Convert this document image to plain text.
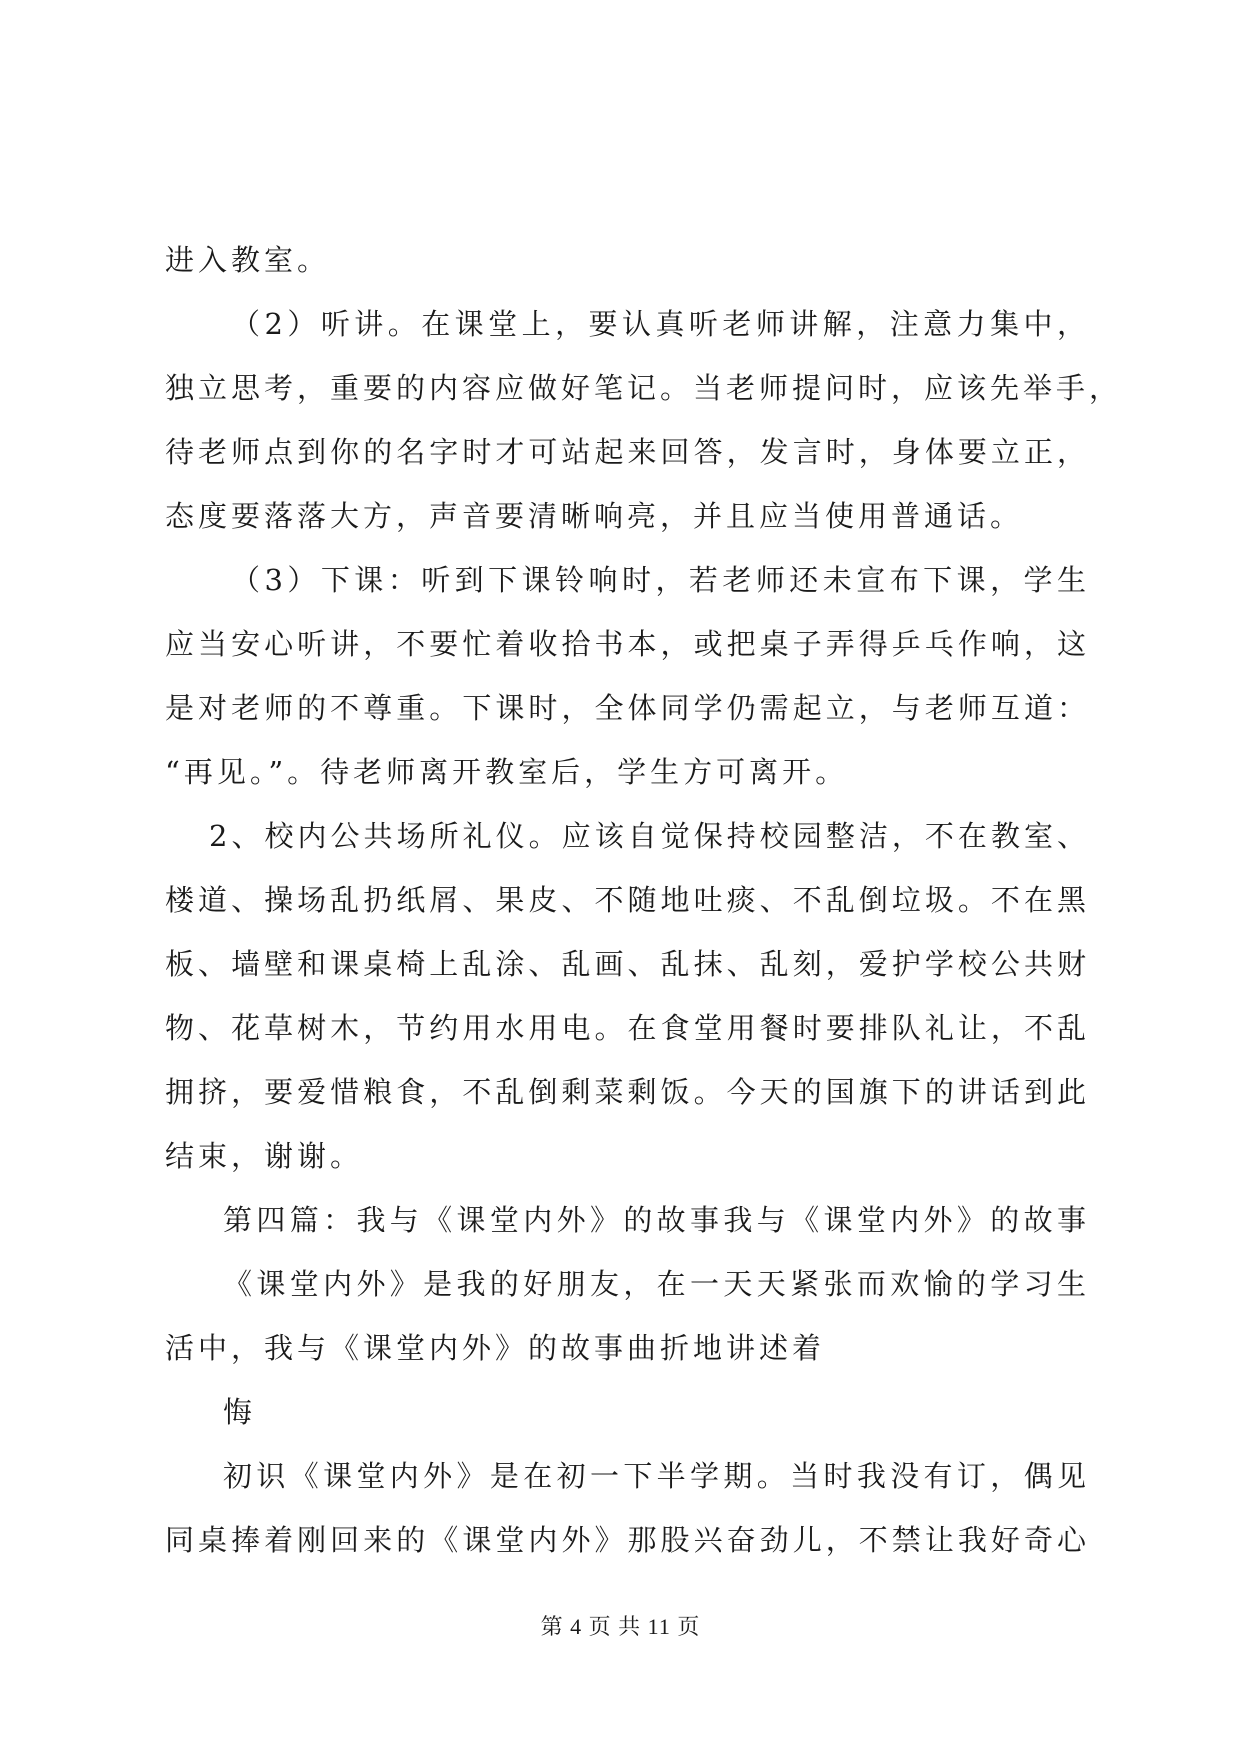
进入教室。
（2）听讲。在课堂上，要认真听老师讲解，注意力集中，
独立思考，重要的内容应做好笔记。当老师提问时，应该先举手，
待老师点到你的名字时才可站起来回答，发言时，身体要立正，
态度要落落大方，声音要清晰响亮，并且应当使用普通话。
（3）下课：听到下课铃响时，若老师还未宣布下课，学生
应当安心听讲，不要忙着收拾书本，或把桌子弄得乒乓作响，这
是对老师的不尊重。下课时，全体同学仍需起立，与老师互道：
“再见。”。待老师离开教室后，学生方可离开。
2、校内公共场所礼仪。应该自觉保持校园整洁，不在教室、
楼道、操场乱扔纸屑、果皮、不随地吐痰、不乱倒垃圾。不在黑
板、墙壁和课桌椅上乱涂、乱画、乱抹、乱刻，爱护学校公共财
物、花草树木，节约用水用电。在食堂用餐时要排队礼让，不乱
拥挤，要爱惜粮食，不乱倒剩菜剩饭。今天的国旗下的讲话到此
结束，谢谢。
第四篇：我与《课堂内外》的故事我与《课堂内外》的故事
《课堂内外》是我的好朋友，在一天天紧张而欢愉的学习生
活中，我与《课堂内外》的故事曲折地讲述着
悔
初识《课堂内外》是在初一下半学期。当时我没有订，偶见
同桌捧着刚回来的《课堂内外》那股兴奋劲儿，不禁让我好奇心
第 4 页 共 11 页
